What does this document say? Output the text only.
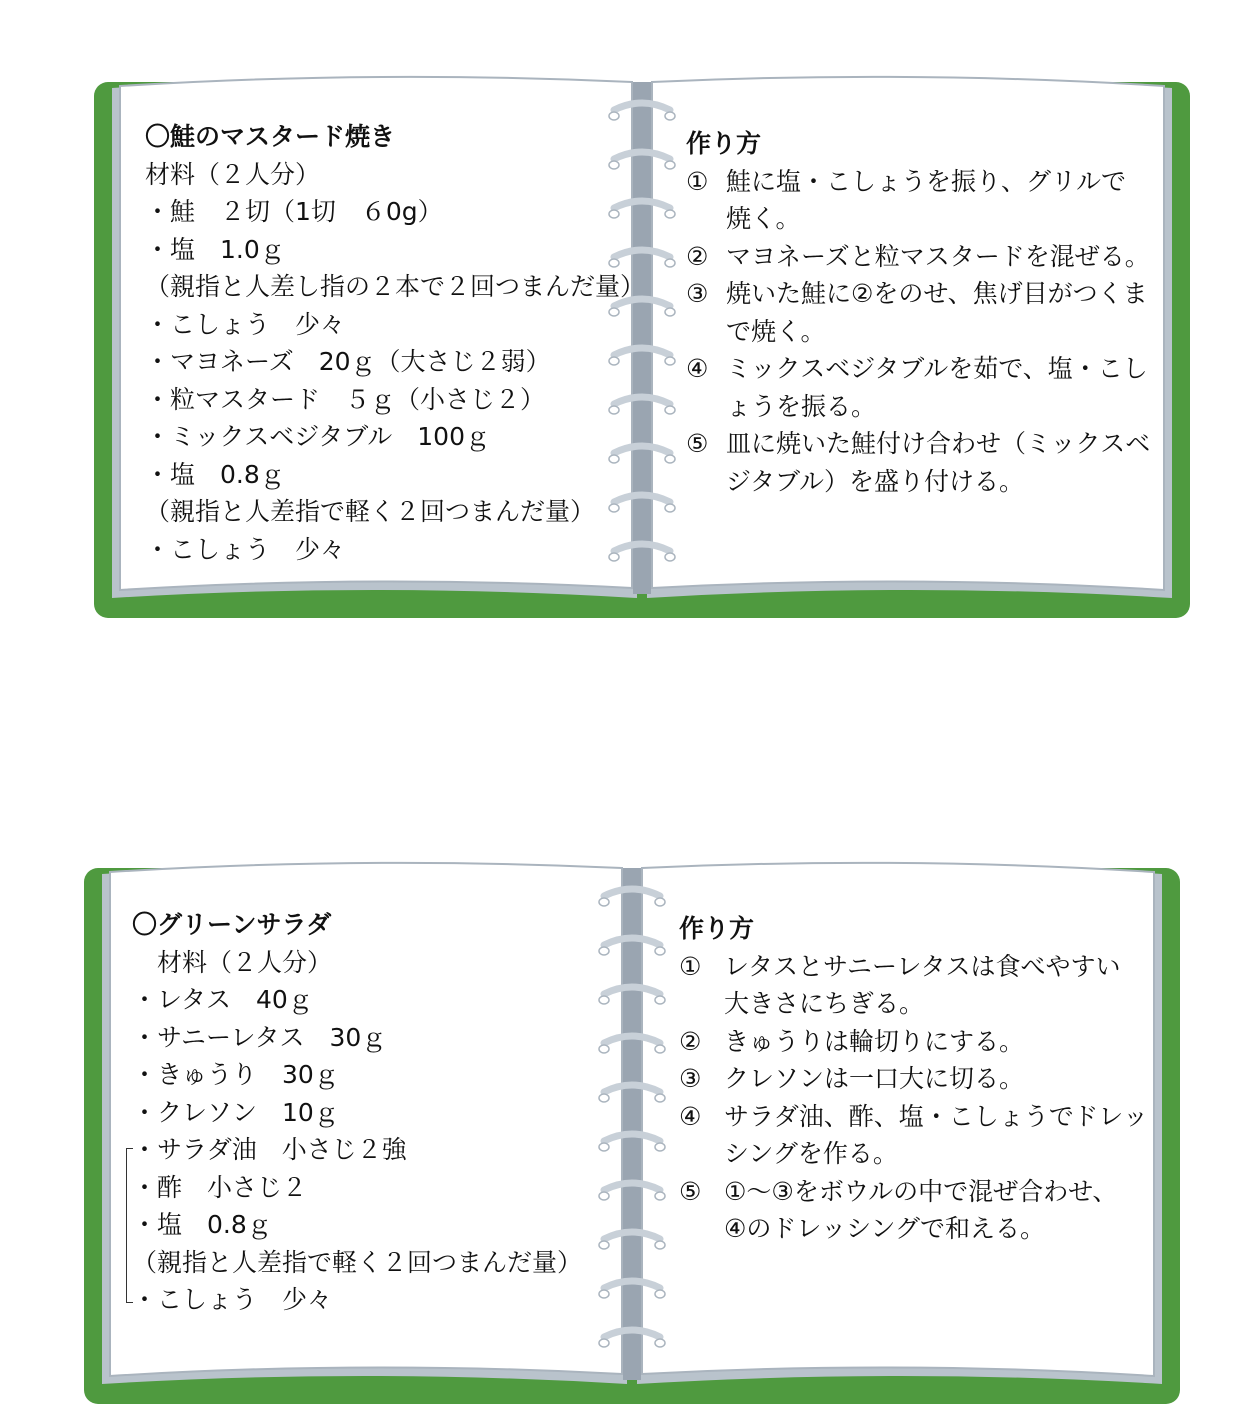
〇鮭のマスタード焼き
材料（２人分）
・鮭　２切（1切　６0g）
・塩　1.0ｇ
（親指と人差し指の２本で２回つまんだ量）
・こしょう　少々
・マヨネーズ　20ｇ（大さじ２弱）
・粒マスタード　５ｇ（小さじ２）
・ミックスベジタブル　100ｇ
・塩　0.8ｇ
（親指と人差指で軽く２回つまんだ量）
・こしょう　少々
作り方
① 鮭に塩・こしょうを振り、グリルで
焼く。
② マヨネーズと粒マスタードを混ぜる。
③ 焼いた鮭に②をのせ、焦げ目がつくま
で焼く。
④ ミックスベジタブルを茹で、塩・こし
ょうを振る。
⑤ 皿に焼いた鮭付け合わせ（ミックスベ
ジタブル）を盛り付ける。
〇グリーンサラダ
材料（２人分）
・レタス　40ｇ
・サニーレタス　30ｇ
・きゅうり　30ｇ
・クレソン　10ｇ
・サラダ油　小さじ２強
・酢　小さじ２
・塩　0.8ｇ
（親指と人差指で軽く２回つまんだ量）
・こしょう　少々
作り方
① レタスとサニーレタスは食べやすい
大きさにちぎる。
② きゅうりは輪切りにする。
③ クレソンは一口大に切る。
④ サラダ油、酢、塩・こしょうでドレッ
シングを作る。
⑤ ①～③をボウルの中で混ぜ合わせ、
④のドレッシングで和える。
